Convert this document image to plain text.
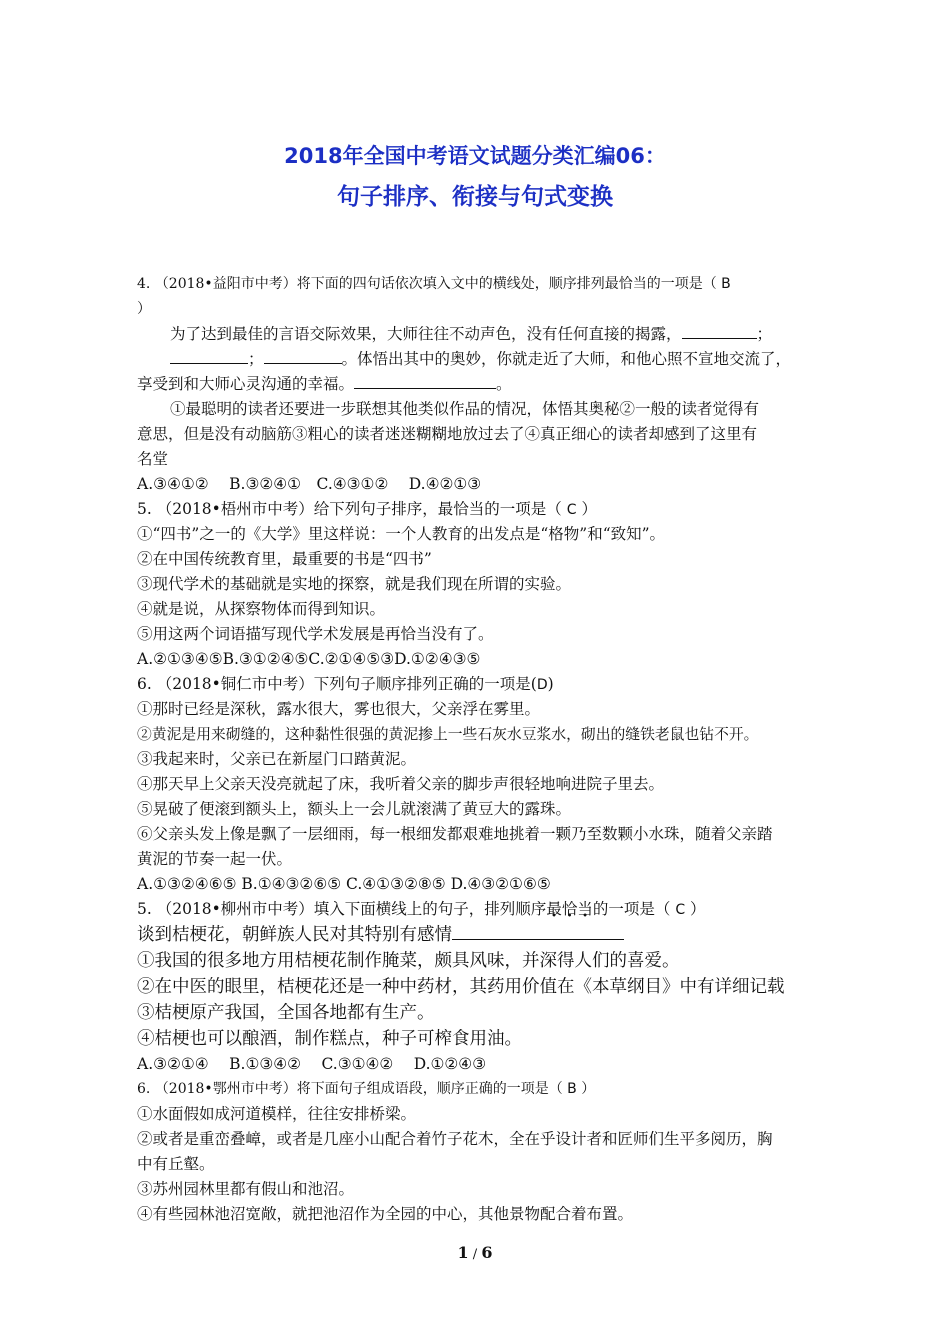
2018年全国中考语文试题分类汇编06：
句子排序、衔接与句式变换

4. （2018•益阳市中考）将下面的四句话依次填入文中的横线处，顺序排列最恰当的一项是（ B

）

为了达到最佳的言语交际效果，大师往往不动声色，没有任何直接的揭露，	；

；	。体悟出其中的奥妙，你就走近了大师，和他心照不宣地交流了，

享受到和大师心灵沟通的幸福。	。

①最聪明的读者还要进一步联想其他类似作品的情况，体悟其奥秘②一般的读者觉得有

意思，但是没有动脑筋③粗心的读者迷迷糊糊地放过去了④真正细心的读者却感到了这里有

名堂

A.③④①②　 B.③②④①　C.④③①②　 D.④②①③

5. （2018•梧州市中考）给下列句子排序，最恰当的一项是（ C ）

①“四书”之一的《大学》里这样说：一个人教育的出发点是“格物”和“致知”。

②在中国传统教育里，最重要的书是“四书”

③现代学术的基础就是实地的探察，就是我们现在所谓的实验。

④就是说，从探察物体而得到知识。

⑤用这两个词语描写现代学术发展是再恰当没有了。

A.②①③④⑤B.③①②④⑤C.②①④⑤③D.①②④③⑤

6. （2018•铜仁市中考）下列句子顺序排列正确的一项是(D)

①那时已经是深秋，露水很大，雾也很大，父亲浮在雾里。

②黄泥是用来砌缝的，这种黏性很强的黄泥掺上一些石灰水豆浆水，砌出的缝铁老鼠也钻不开。

③我起来时，父亲已在新屋门口踏黄泥。

④那天早上父亲天没亮就起了床，我听着父亲的脚步声很轻地响进院子里去。

⑤晃破了便滚到额头上，额头上一会儿就滚满了黄豆大的露珠。

⑥父亲头发上像是飘了一层细雨，每一根细发都艰难地挑着一颗乃至数颗小水珠，随着父亲踏

黄泥的节奏一起一伏。

A.①③②④⑥⑤ B.①④③②⑥⑤ C.④①③②⑧⑤ D.④③②①⑥⑤

5. （2018•柳州市中考）填入下面横线上的句子，排列顺序最恰当的一项是（ C ）

谈到桔梗花，朝鲜族人民对其特别有感情

①我国的很多地方用桔梗花制作腌菜，颇具风味，并深得人们的喜爱。

②在中医的眼里，桔梗花还是一种中药材，其药用价值在《本草纲目》中有详细记载

③桔梗原产我国，全国各地都有生产。

④桔梗也可以酿酒，制作糕点，种子可榨食用油。

A.③②①④　 B.①③④②　 C.③①④②　 D.①②④③

6. （2018•鄂州市中考）将下面句子组成语段，顺序正确的一项是（ B ）

①水面假如成河道模样，往往安排桥梁。

②或者是重峦叠嶂，或者是几座小山配合着竹子花木，全在乎设计者和匠师们生平多阅历，胸

中有丘壑。

③苏州园林里都有假山和池沼。

④有些园林池沼宽敞，就把池沼作为全园的中心，其他景物配合着布置。

1 / 6
